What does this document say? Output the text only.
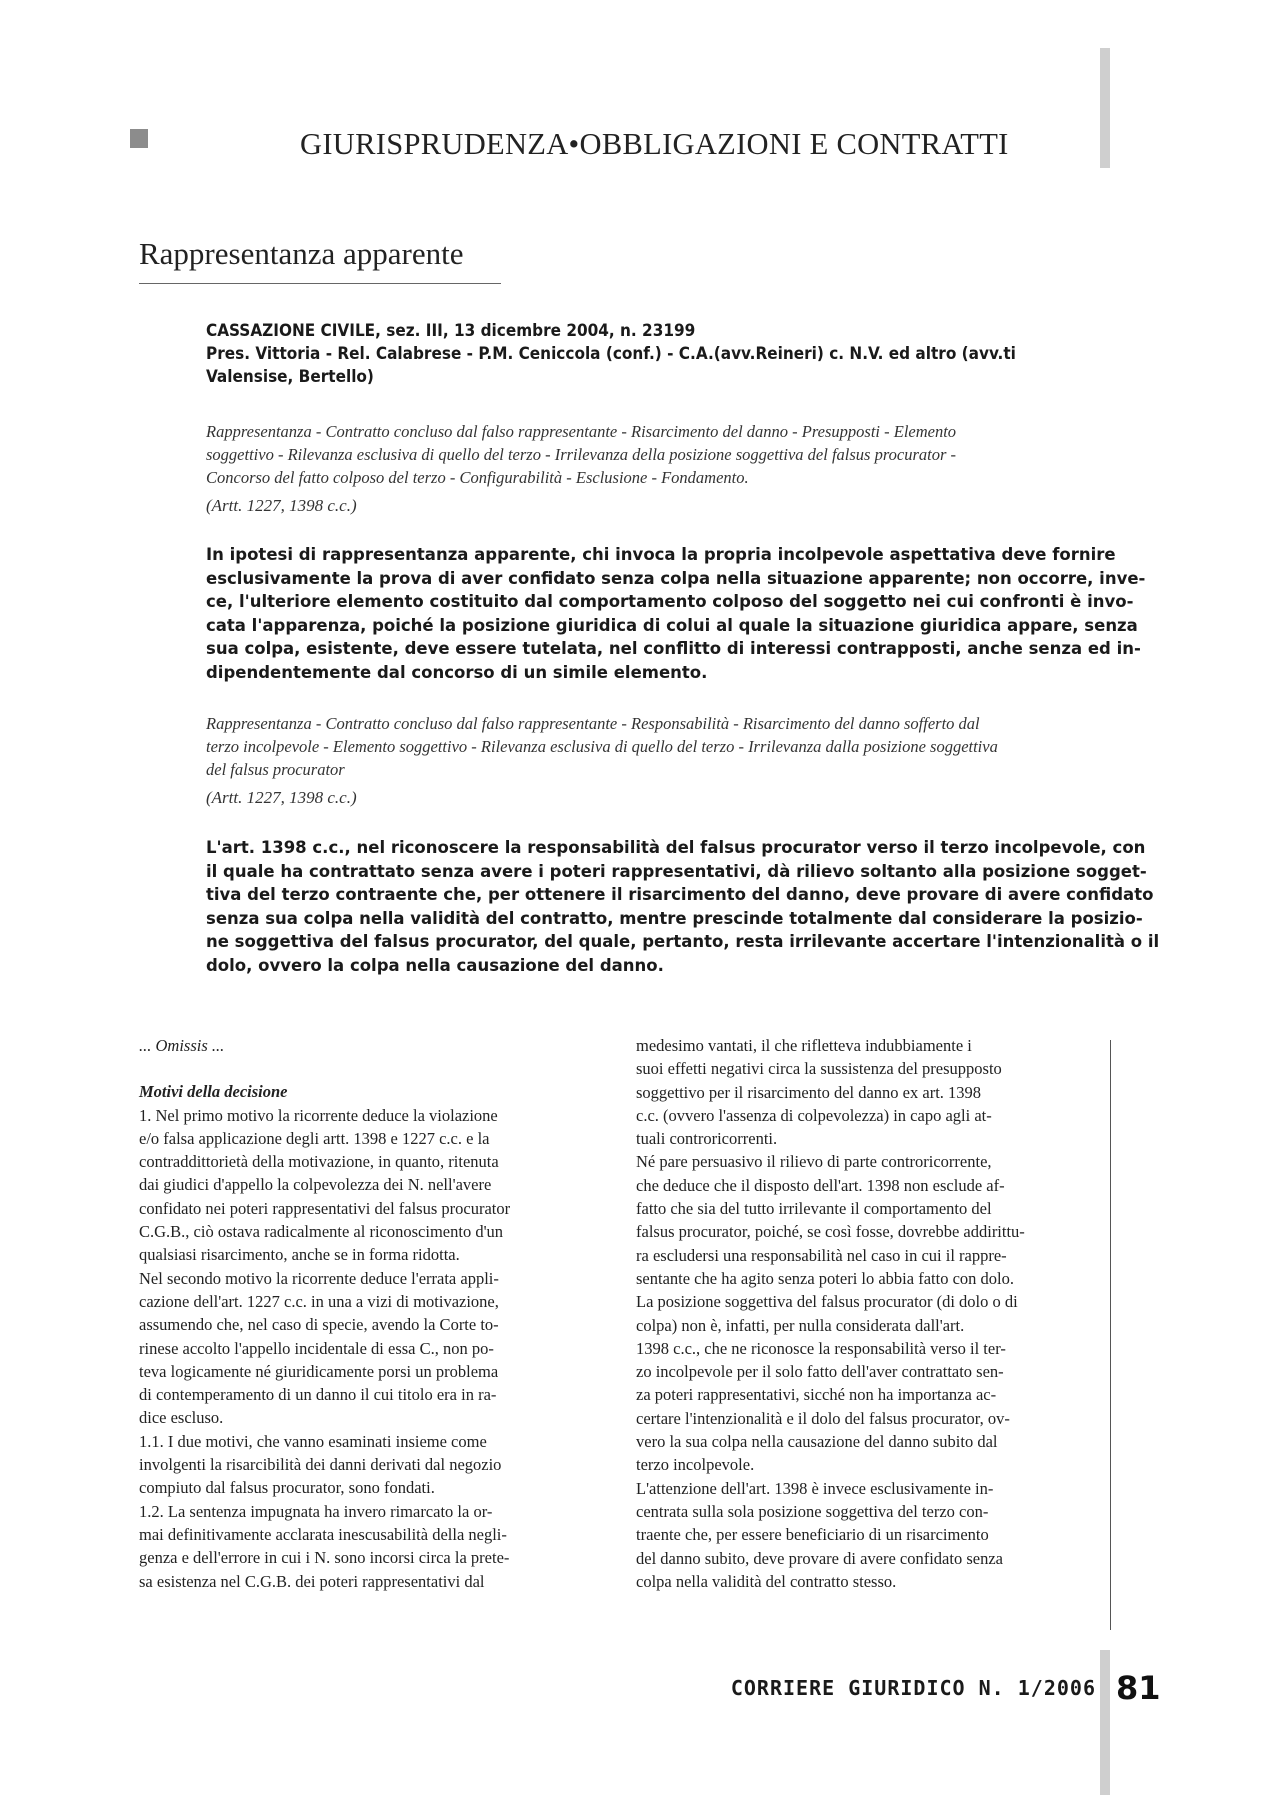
GIURISPRUDENZA•OBBLIGAZIONI E CONTRATTI
Rappresentanza apparente
CASSAZIONE CIVILE, sez. III, 13 dicembre 2004, n. 23199
Pres. Vittoria - Rel. Calabrese - P.M. Ceniccola (conf.) - C.A.(avv.Reineri) c. N.V. ed altro (avv.ti
Valensise, Bertello)
Rappresentanza - Contratto concluso dal falso rappresentante - Risarcimento del danno - Presupposti - Elemento
soggettivo - Rilevanza esclusiva di quello del terzo - Irrilevanza della posizione soggettiva del falsus procurator -
Concorso del fatto colposo del terzo - Configurabilità - Esclusione - Fondamento.
(Artt. 1227, 1398 c.c.)
In ipotesi di rappresentanza apparente, chi invoca la propria incolpevole aspettativa deve fornire
esclusivamente la prova di aver confidato senza colpa nella situazione apparente; non occorre, inve-
ce, l'ulteriore elemento costituito dal comportamento colposo del soggetto nei cui confronti è invo-
cata l'apparenza, poiché la posizione giuridica di colui al quale la situazione giuridica appare, senza
sua colpa, esistente, deve essere tutelata, nel conflitto di interessi contrapposti, anche senza ed in-
dipendentemente dal concorso di un simile elemento.
Rappresentanza - Contratto concluso dal falso rappresentante - Responsabilità - Risarcimento del danno sofferto dal
terzo incolpevole - Elemento soggettivo - Rilevanza esclusiva di quello del terzo - Irrilevanza dalla posizione soggettiva
del falsus procurator
(Artt. 1227, 1398 c.c.)
L'art. 1398 c.c., nel riconoscere la responsabilità del falsus procurator verso il terzo incolpevole, con
il quale ha contrattato senza avere i poteri rappresentativi, dà rilievo soltanto alla posizione sogget-
tiva del terzo contraente che, per ottenere il risarcimento del danno, deve provare di avere confidato
senza sua colpa nella validità del contratto, mentre prescinde totalmente dal considerare la posizio-
ne soggettiva del falsus procurator, del quale, pertanto, resta irrilevante accertare l'intenzionalità o il
dolo, ovvero la colpa nella causazione del danno.
... Omissis ...
Motivi della decisione
1. Nel primo motivo la ricorrente deduce la violazione
e/o falsa applicazione degli artt. 1398 e 1227 c.c. e la
contraddittorietà della motivazione, in quanto, ritenuta
dai giudici d'appello la colpevolezza dei N. nell'avere
confidato nei poteri rappresentativi del falsus procurator
C.G.B., ciò ostava radicalmente al riconoscimento d'un
qualsiasi risarcimento, anche se in forma ridotta.
Nel secondo motivo la ricorrente deduce l'errata appli-
cazione dell'art. 1227 c.c. in una a vizi di motivazione,
assumendo che, nel caso di specie, avendo la Corte to-
rinese accolto l'appello incidentale di essa C., non po-
teva logicamente né giuridicamente porsi un problema
di contemperamento di un danno il cui titolo era in ra-
dice escluso.
1.1. I due motivi, che vanno esaminati insieme come
involgenti la risarcibilità dei danni derivati dal negozio
compiuto dal falsus procurator, sono fondati.
1.2. La sentenza impugnata ha invero rimarcato la or-
mai definitivamente acclarata inescusabilità della negli-
genza e dell'errore in cui i N. sono incorsi circa la prete-
sa esistenza nel C.G.B. dei poteri rappresentativi dal
medesimo vantati, il che rifletteva indubbiamente i
suoi effetti negativi circa la sussistenza del presupposto
soggettivo per il risarcimento del danno ex art. 1398
c.c. (ovvero l'assenza di colpevolezza) in capo agli at-
tuali controricorrenti.
Né pare persuasivo il rilievo di parte controricorrente,
che deduce che il disposto dell'art. 1398 non esclude af-
fatto che sia del tutto irrilevante il comportamento del
falsus procurator, poiché, se così fosse, dovrebbe addirittu-
ra escludersi una responsabilità nel caso in cui il rappre-
sentante che ha agito senza poteri lo abbia fatto con dolo.
La posizione soggettiva del falsus procurator (di dolo o di
colpa) non è, infatti, per nulla considerata dall'art.
1398 c.c., che ne riconosce la responsabilità verso il ter-
zo incolpevole per il solo fatto dell'aver contrattato sen-
za poteri rappresentativi, sicché non ha importanza ac-
certare l'intenzionalità e il dolo del falsus procurator, ov-
vero la sua colpa nella causazione del danno subito dal
terzo incolpevole.
L'attenzione dell'art. 1398 è invece esclusivamente in-
centrata sulla sola posizione soggettiva del terzo con-
traente che, per essere beneficiario di un risarcimento
del danno subito, deve provare di avere confidato senza
colpa nella validità del contratto stesso.
CORRIERE GIURIDICO N. 1/2006 81
